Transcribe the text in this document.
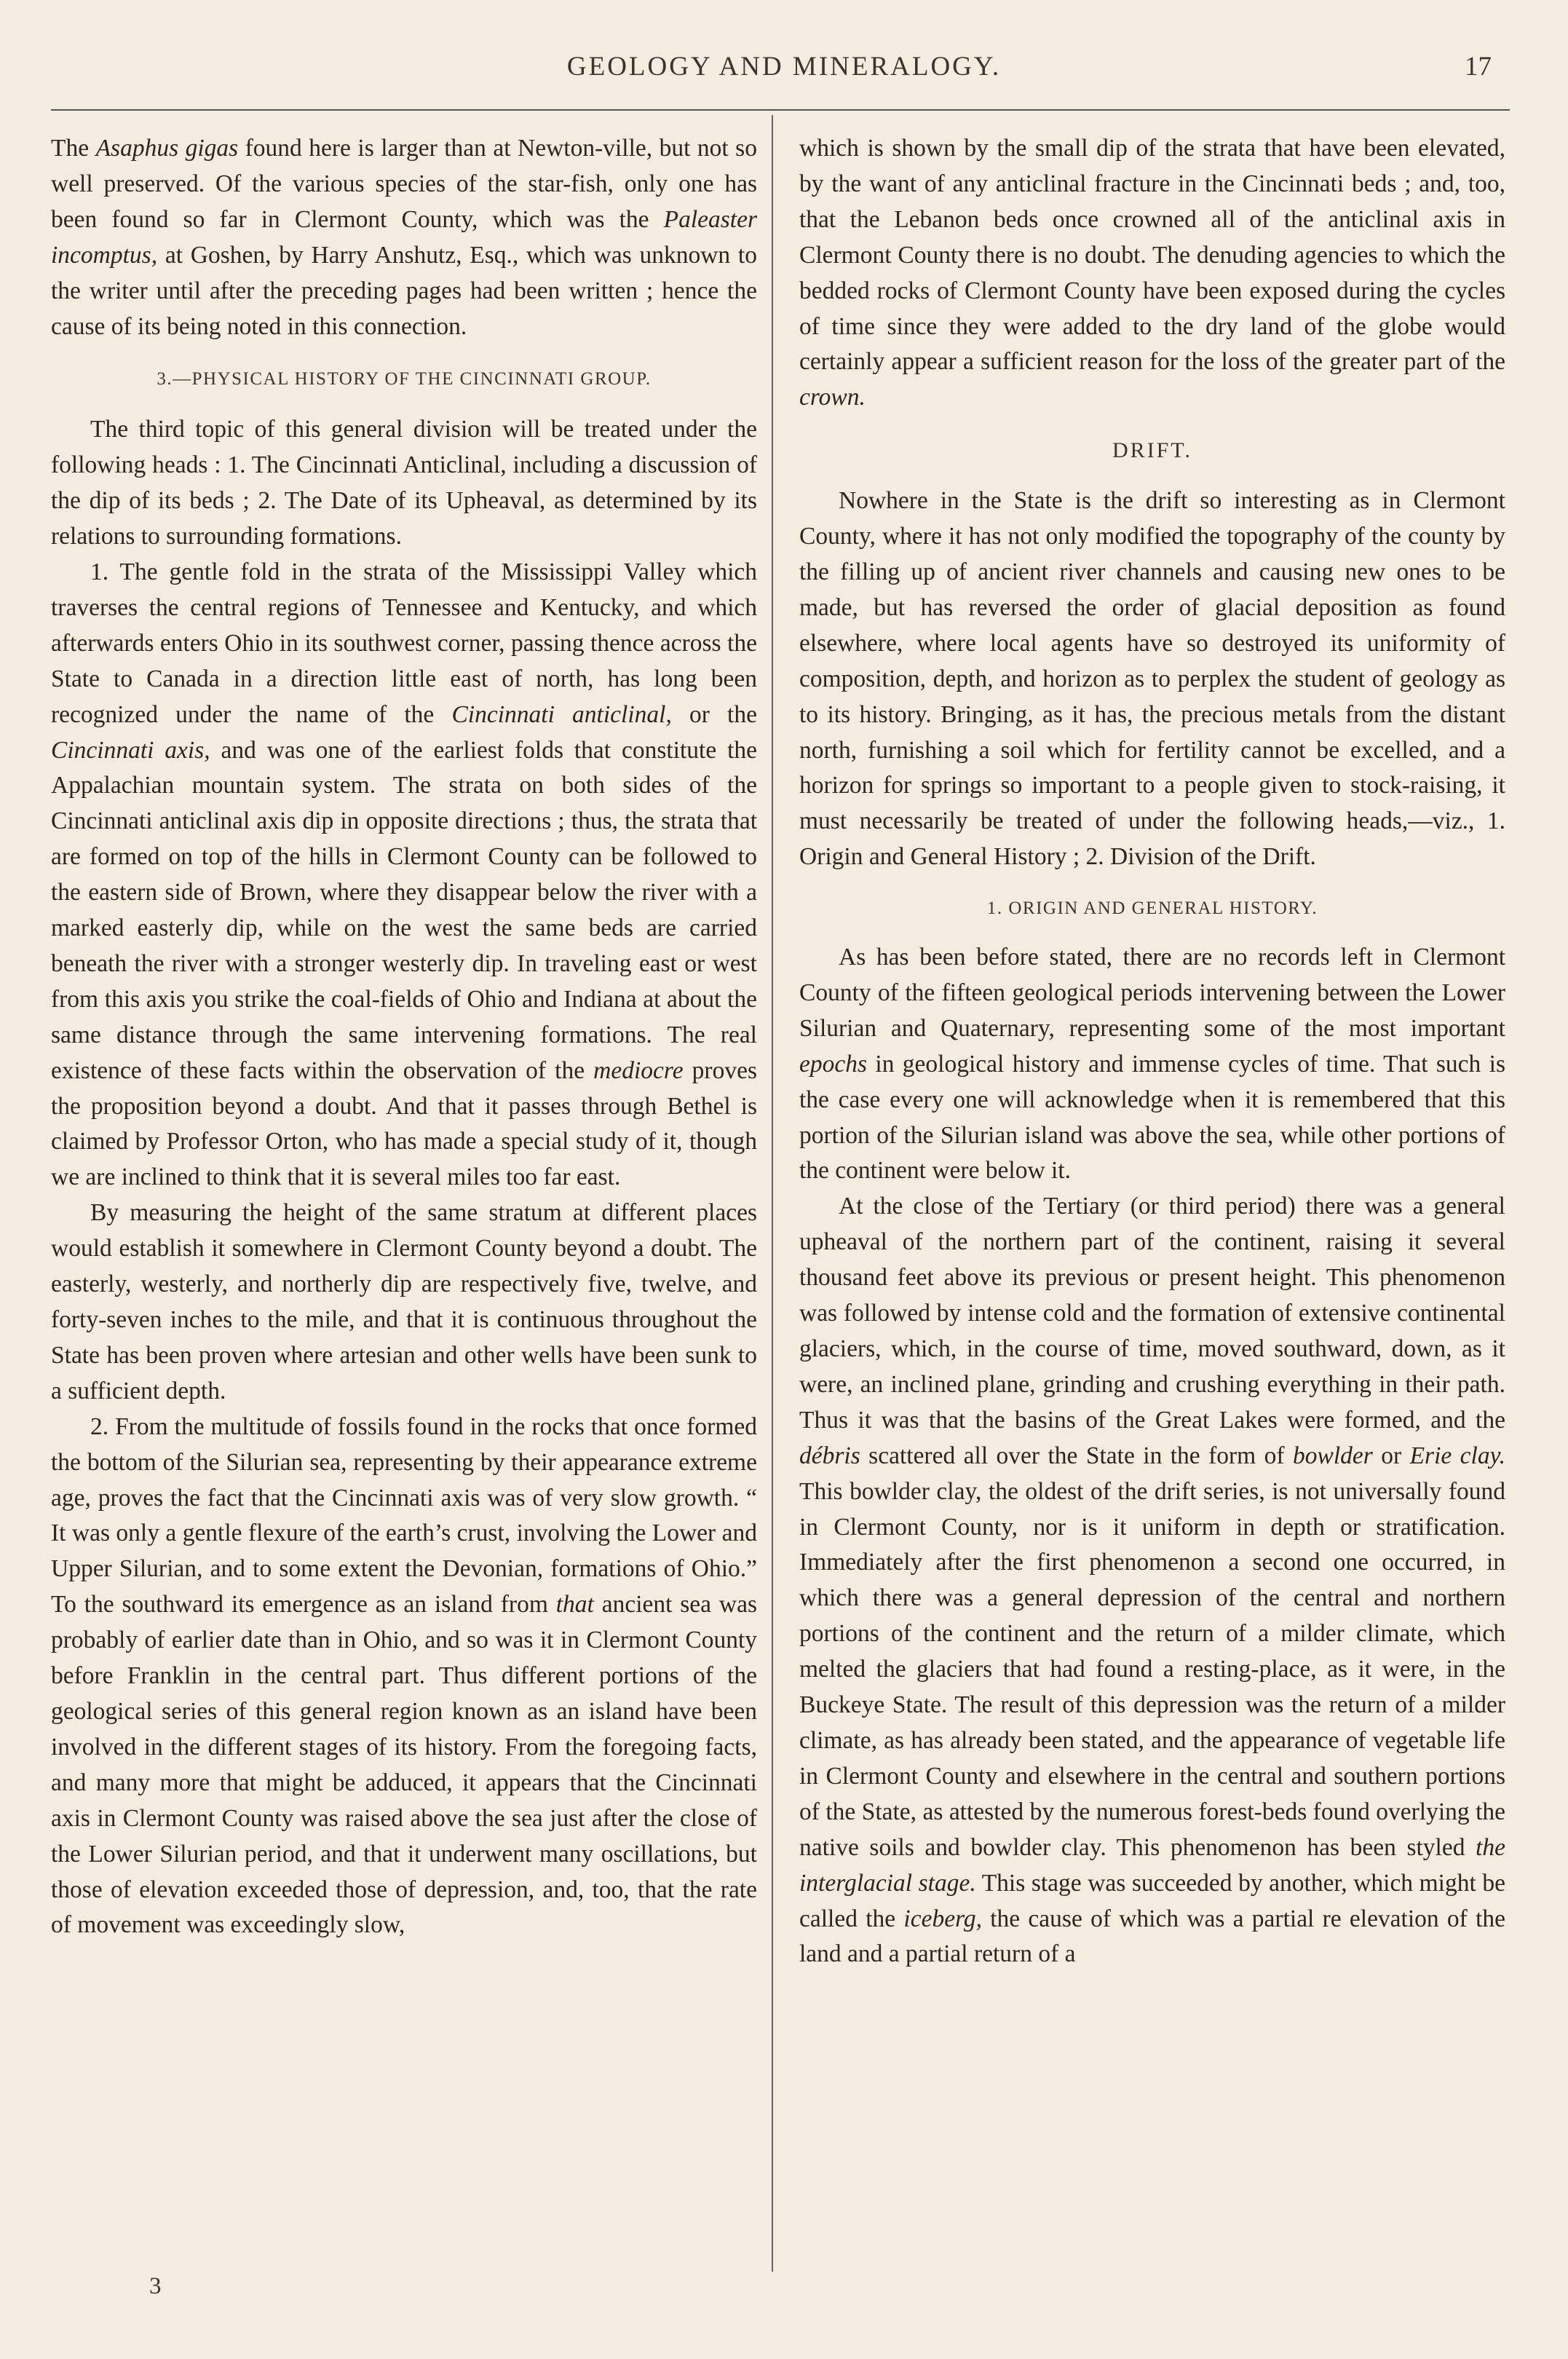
GEOLOGY AND MINERALOGY.	17

The Asaphus gigas found here is larger than at Newton-ville, but not so well preserved. Of the various species of the star-fish, only one has been found so far in Clermont County, which was the Paleaster incomptus, at Goshen, by Harry Anshutz, Esq., which was unknown to the writer until after the preceding pages had been written ; hence the cause of its being noted in this connection.

3.—PHYSICAL HISTORY OF THE CINCINNATI GROUP.

The third topic of this general division will be treated under the following heads : 1. The Cincinnati Anticlinal, including a discussion of the dip of its beds ; 2. The Date of its Upheaval, as determined by its relations to surrounding formations.

1. The gentle fold in the strata of the Mississippi Valley which traverses the central regions of Tennessee and Kentucky, and which afterwards enters Ohio in its southwest corner, passing thence across the State to Canada in a direction little east of north, has long been recognized under the name of the Cincinnati anticlinal, or the Cincinnati axis, and was one of the earliest folds that constitute the Appalachian mountain system. The strata on both sides of the Cincinnati anticlinal axis dip in opposite directions ; thus, the strata that are formed on top of the hills in Clermont County can be followed to the eastern side of Brown, where they disappear below the river with a marked easterly dip, while on the west the same beds are carried beneath the river with a stronger westerly dip. In traveling east or west from this axis you strike the coal-fields of Ohio and Indiana at about the same distance through the same intervening formations. The real existence of these facts within the observation of the mediocre proves the proposition beyond a doubt. And that it passes through Bethel is claimed by Professor Orton, who has made a special study of it, though we are inclined to think that it is several miles too far east.

By measuring the height of the same stratum at different places would establish it somewhere in Clermont County beyond a doubt. The easterly, westerly, and northerly dip are respectively five, twelve, and forty-seven inches to the mile, and that it is continuous throughout the State has been proven where artesian and other wells have been sunk to a sufficient depth.

2. From the multitude of fossils found in the rocks that once formed the bottom of the Silurian sea, representing by their appearance extreme age, proves the fact that the Cincinnati axis was of very slow growth. “ It was only a gentle flexure of the earth’s crust, involving the Lower and Upper Silurian, and to some extent the Devonian, formations of Ohio.” To the southward its emergence as an island from that ancient sea was probably of earlier date than in Ohio, and so was it in Clermont County before Franklin in the central part. Thus different portions of the geological series of this general region known as an island have been involved in the different stages of its history. From the foregoing facts, and many more that might be adduced, it appears that the Cincinnati axis in Clermont County was raised above the sea just after the close of the Lower Silurian period, and that it underwent many oscillations, but those of elevation exceeded those of depression, and, too, that the rate of movement was exceedingly slow,

which is shown by the small dip of the strata that have been elevated, by the want of any anticlinal fracture in the Cincinnati beds ; and, too, that the Lebanon beds once crowned all of the anticlinal axis in Clermont County there is no doubt. The denuding agencies to which the bedded rocks of Clermont County have been exposed during the cycles of time since they were added to the dry land of the globe would certainly appear a sufficient reason for the loss of the greater part of the crown.

DRIFT.

Nowhere in the State is the drift so interesting as in Clermont County, where it has not only modified the topography of the county by the filling up of ancient river channels and causing new ones to be made, but has reversed the order of glacial deposition as found elsewhere, where local agents have so destroyed its uniformity of composition, depth, and horizon as to perplex the student of geology as to its history. Bringing, as it has, the precious metals from the distant north, furnishing a soil which for fertility cannot be excelled, and a horizon for springs so important to a people given to stock-raising, it must necessarily be treated of under the following heads,—viz., 1. Origin and General History ; 2. Division of the Drift.

1. ORIGIN AND GENERAL HISTORY.

As has been before stated, there are no records left in Clermont County of the fifteen geological periods intervening between the Lower Silurian and Quaternary, representing some of the most important epochs in geological history and immense cycles of time. That such is the case every one will acknowledge when it is remembered that this portion of the Silurian island was above the sea, while other portions of the continent were below it.

At the close of the Tertiary (or third period) there was a general upheaval of the northern part of the continent, raising it several thousand feet above its previous or present height. This phenomenon was followed by intense cold and the formation of extensive continental glaciers, which, in the course of time, moved southward, down, as it were, an inclined plane, grinding and crushing everything in their path. Thus it was that the basins of the Great Lakes were formed, and the débris scattered all over the State in the form of bowlder or Erie clay. This bowlder clay, the oldest of the drift series, is not universally found in Clermont County, nor is it uniform in depth or stratification. Immediately after the first phenomenon a second one occurred, in which there was a general depression of the central and northern portions of the continent and the return of a milder climate, which melted the glaciers that had found a resting-place, as it were, in the Buckeye State. The result of this depression was the return of a milder climate, as has already been stated, and the appearance of vegetable life in Clermont County and elsewhere in the central and southern portions of the State, as attested by the numerous forest-beds found overlying the native soils and bowlder clay. This phenomenon has been styled the interglacial stage. This stage was succeeded by another, which might be called the iceberg, the cause of which was a partial re elevation of the land and a partial return of a

3
